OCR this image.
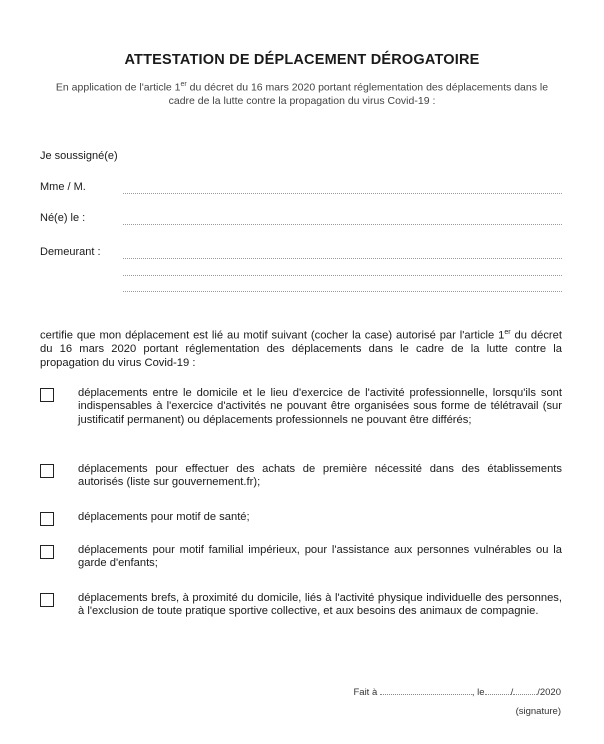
ATTESTATION DE DÉPLACEMENT DÉROGATOIRE
En application de l'article 1er du décret du 16 mars 2020 portant réglementation des déplacements dans le cadre de la lutte contre la propagation du virus Covid-19 :
Je soussigné(e)
Mme / M.
Né(e) le :
Demeurant :
certifie que mon déplacement est lié au motif suivant (cocher la case) autorisé par l'article 1er du décret du 16 mars 2020 portant réglementation des déplacements dans le cadre de la lutte contre la propagation du virus Covid-19 :
déplacements entre le domicile et le lieu d'exercice de l'activité professionnelle, lorsqu'ils sont indispensables à l'exercice d'activités ne pouvant être organisées sous forme de télétravail (sur justificatif permanent) ou déplacements professionnels ne pouvant être différés;
déplacements pour effectuer des achats de première nécessité dans des établissements autorisés (liste sur gouvernement.fr);
déplacements pour motif de santé;
déplacements pour motif familial impérieux, pour l'assistance aux personnes vulnérables ou la garde d'enfants;
déplacements brefs, à proximité du domicile, liés à l'activité physique individuelle des personnes, à l'exclusion de toute pratique sportive collective, et aux besoins des animaux de compagnie.
Fait à	, le	/	/2020
(signature)
